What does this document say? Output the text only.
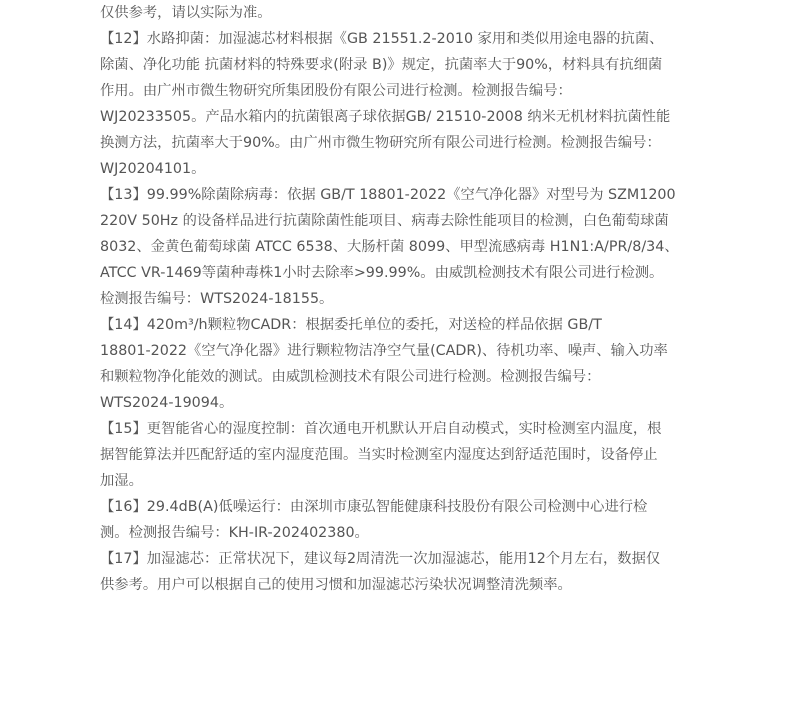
仅供参考，请以实际为准。
【12】水路抑菌：加湿滤芯材料根据《GB 21551.2-2010 家用和类似用途电器的抗菌、
除菌、净化功能 抗菌材料的特殊要求(附录 B)》规定，抗菌率大于90%，材料具有抗细菌
作用。由广州市微生物研究所集团股份有限公司进行检测。检测报告编号：
WJ20233505。产品水箱内的抗菌银离子球依据GB/ 21510-2008 纳米无机材料抗菌性能
换测方法，抗菌率大于90%。由广州市微生物研究所有限公司进行检测。检测报告编号：
WJ20204101。
【13】99.99%除菌除病毒：依据 GB/T 18801-2022《空气净化器》对型号为 SZM1200
220V 50Hz 的设备样品进行抗菌除菌性能项目、病毒去除性能项目的检测，白色葡萄球菌
8032、金黄色葡萄球菌 ATCC 6538、大肠杆菌 8099、甲型流感病毒 H1N1:A/PR/8/34、
ATCC VR-1469等菌种毒株1小时去除率>99.99%。由威凯检测技术有限公司进行检测。
检测报告编号：WTS2024-18155。
【14】420m³/h颗粒物CADR：根据委托单位的委托，对送检的样品依据 GB/T
18801-2022《空气净化器》进行颗粒物洁净空气量(CADR)、待机功率、噪声、输入功率
和颗粒物净化能效的测试。由威凯检测技术有限公司进行检测。检测报告编号：
WTS2024-19094。
【15】更智能省心的湿度控制：首次通电开机默认开启自动模式，实时检测室内温度，根
据智能算法并匹配舒适的室内湿度范围。当实时检测室内湿度达到舒适范围时，设备停止
加湿。
【16】29.4dB(A)低噪运行：由深圳市康弘智能健康科技股份有限公司检测中心进行检
测。检测报告编号：KH-IR-202402380。
【17】加湿滤芯：正常状况下，建议每2周清洗一次加湿滤芯，能用12个月左右，数据仅
供参考。用户可以根据自己的使用习惯和加湿滤芯污染状况调整清洗频率。
